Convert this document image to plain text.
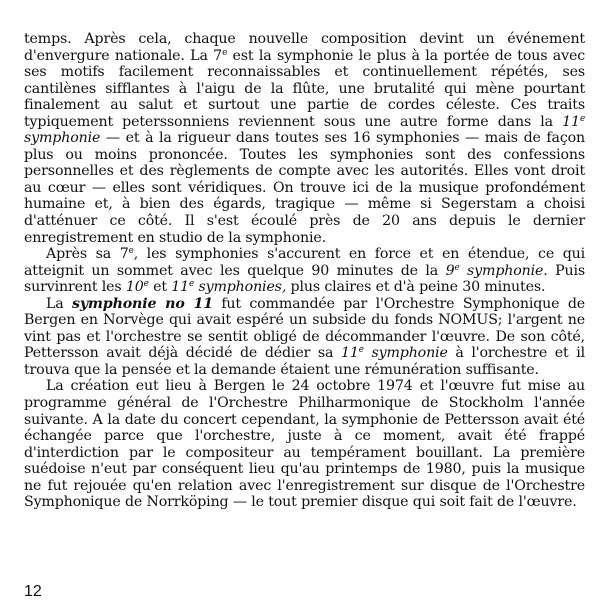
temps. Après cela, chaque nouvelle composition devint un événement d'envergure nationale. La 7e est la symphonie le plus à la portée de tous avec ses motifs facilement reconnaissables et continuellement répétés, ses cantilènes sifflantes à l'aigu de la flûte, une brutalité qui mène pourtant finalement au salut et surtout une partie de cordes céleste. Ces traits typiquement peterssonniens reviennent sous une autre forme dans la 11e symphonie — et à la rigueur dans toutes ses 16 symphonies — mais de façon plus ou moins prononcée. Toutes les symphonies sont des confessions personnelles et des règlements de compte avec les autorités. Elles vont droit au cœur — elles sont véridiques. On trouve ici de la musique profondément humaine et, à bien des égards, tragique — même si Segerstam a choisi d'atténuer ce côté. Il s'est écoulé près de 20 ans depuis le dernier enregistrement en studio de la symphonie.

Après sa 7e, les symphonies s'accurent en force et en étendue, ce qui atteignit un sommet avec les quelque 90 minutes de la 9e symphonie. Puis survinrent les 10e et 11e symphonies, plus claires et d'à peine 30 minutes.

La symphonie no 11 fut commandée par l'Orchestre Symphonique de Bergen en Norvège qui avait espéré un subside du fonds NOMUS; l'argent ne vint pas et l'orchestre se sentit obligé de décommander l'œuvre. De son côté, Pettersson avait déjà décidé de dédier sa 11e symphonie à l'orchestre et il trouva que la pensée et la demande étaient une rémunération suffisante.

La création eut lieu à Bergen le 24 octobre 1974 et l'œuvre fut mise au programme général de l'Orchestre Philharmonique de Stockholm l'année suivante. A la date du concert cependant, la symphonie de Pettersson avait été échangée parce que l'orchestre, juste à ce moment, avait été frappé d'interdiction par le compositeur au tempérament bouillant. La première suédoise n'eut par conséquent lieu qu'au printemps de 1980, puis la musique ne fut rejouée qu'en relation avec l'enregistrement sur disque de l'Orchestre Symphonique de Norrköping — le tout premier disque qui soit fait de l'œuvre.

12
